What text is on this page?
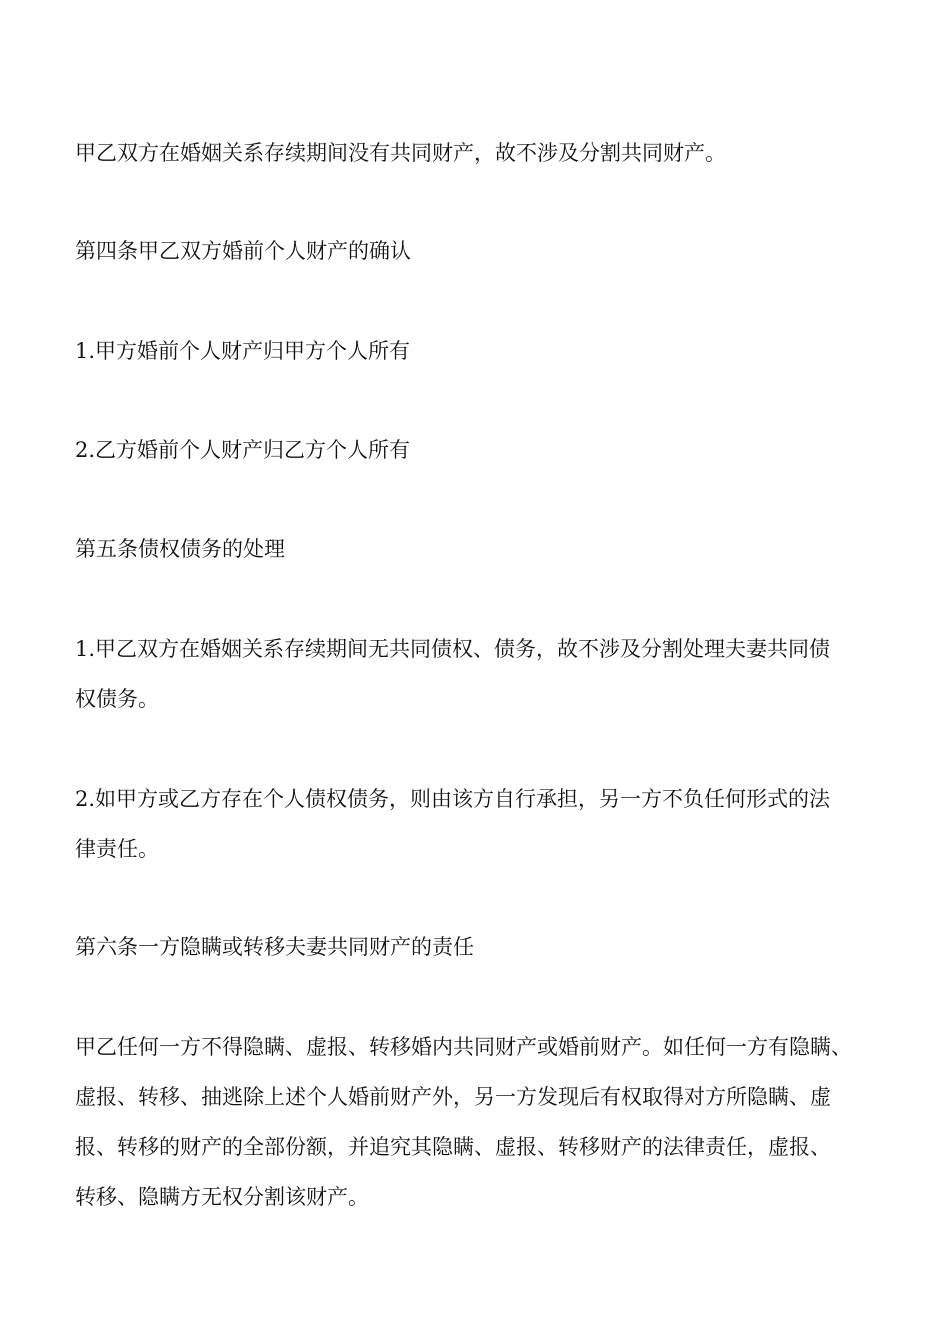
甲乙双方在婚姻关系存续期间没有共同财产，故不涉及分割共同财产。

第四条甲乙双方婚前个人财产的确认

1.甲方婚前个人财产归甲方个人所有

2.乙方婚前个人财产归乙方个人所有

第五条债权债务的处理

1.甲乙双方在婚姻关系存续期间无共同债权、债务，故不涉及分割处理夫妻共同债
权债务。

2.如甲方或乙方存在个人债权债务，则由该方自行承担，另一方不负任何形式的法
律责任。

第六条一方隐瞒或转移夫妻共同财产的责任

甲乙任何一方不得隐瞒、虚报、转移婚内共同财产或婚前财产。如任何一方有隐瞒、
虚报、转移、抽逃除上述个人婚前财产外，另一方发现后有权取得对方所隐瞒、虚
报、转移的财产的全部份额，并追究其隐瞒、虚报、转移财产的法律责任，虚报、
转移、隐瞒方无权分割该财产。
